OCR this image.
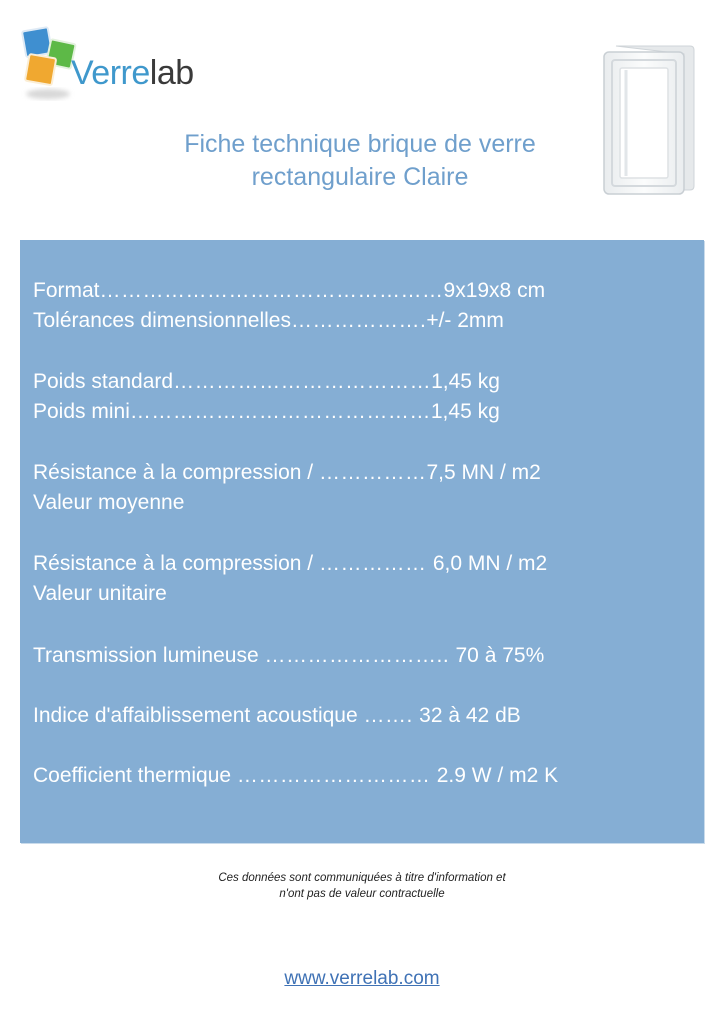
Verrelab
Fiche technique brique de verre
rectangulaire Claire
Format…………………………………………9x19x8 cm
Tolérances dimensionnelles……………….+/- 2mm
Poids standard………………………………1,45 kg
Poids mini……………………………………1,45 kg
Résistance à la compression / ……………7,5 MN / m2
Valeur moyenne
Résistance à la compression / …………… 6,0 MN / m2
Valeur unitaire
Transmission lumineuse …………………….. 70 à 75%
Indice d'affaiblissement acoustique ……. 32 à 42 dB
Coefficient thermique ……………………… 2.9 W / m2 K
Ces données sont communiquées à titre d'information et
n'ont pas de valeur contractuelle
www.verrelab.com
